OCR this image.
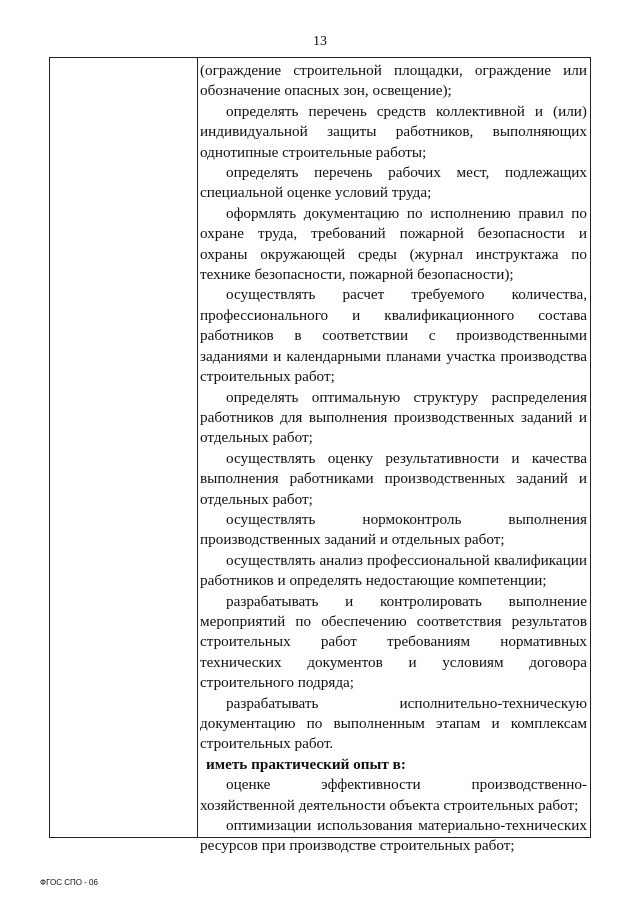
13

(ограждение строительной площадки, ограждение или обозначение опасных зон, освещение);

определять перечень средств коллективной и (или) индивидуальной защиты работников, выполняющих однотипные строительные работы;

определять перечень рабочих мест, подлежащих специальной оценке условий труда;

оформлять документацию по исполнению правил по охране труда, требований пожарной безопасности и охраны окружающей среды (журнал инструктажа по технике безопасности, пожарной безопасности);

осуществлять расчет требуемого количества, профессионального и квалификационного состава работников в соответствии с производственными заданиями и календарными планами участка производства строительных работ;

определять оптимальную структуру распределения работников для выполнения производственных заданий и отдельных работ;

осуществлять оценку результативности и качества выполнения работниками производственных заданий и отдельных работ;

осуществлять нормоконтроль выполнения производственных заданий и отдельных работ;

осуществлять анализ профессиональной квалификации работников и определять недостающие компетенции;

разрабатывать и контролировать выполнение мероприятий по обеспечению соответствия результатов строительных работ требованиям нормативных технических документов и условиям договора строительного подряда;

разрабатывать исполнительно-техническую документацию по выполненным этапам и комплексам строительных работ.

иметь практический опыт в:

оценке эффективности производственно-хозяйственной деятельности объекта строительных работ;

оптимизации использования материально-технических ресурсов при производстве строительных работ;

ФГОС СПО - 06
